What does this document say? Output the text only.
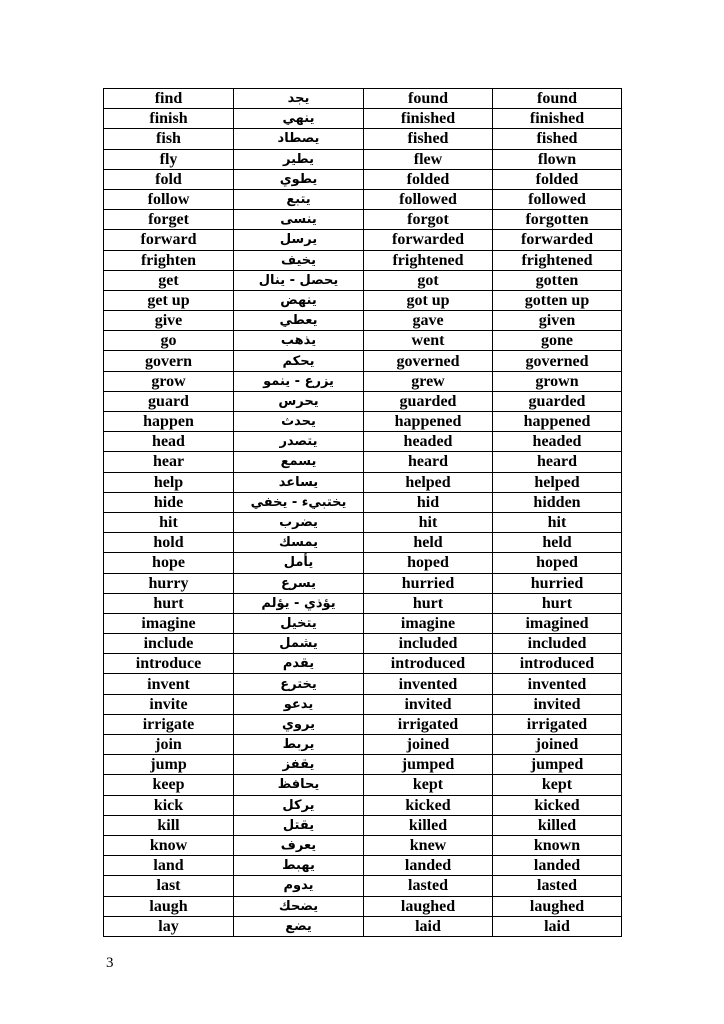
find	يجد	found	found
finish	ينهي	finished	finished
fish	يصطاد	fished	fished
fly	يطير	flew	flown
fold	يطوي	folded	folded
follow	يتبع	followed	followed
forget	ينسى	forgot	forgotten
forward	يرسل	forwarded	forwarded
frighten	يخيف	frightened	frightened
get	يحصل - ينال	got	gotten
get up	ينهض	got up	gotten up
give	يعطي	gave	given
go	يذهب	went	gone
govern	يحكم	governed	governed
grow	يزرع - ينمو	grew	grown
guard	يحرس	guarded	guarded
happen	يحدث	happened	happened
head	يتصدر	headed	headed
hear	يسمع	heard	heard
help	يساعد	helped	helped
hide	يختبيء - يخفي	hid	hidden
hit	يضرب	hit	hit
hold	يمسك	held	held
hope	يأمل	hoped	hoped
hurry	يسرع	hurried	hurried
hurt	يؤذي - يؤلم	hurt	hurt
imagine	يتخيل	imagine	imagined
include	يشمل	included	included
introduce	يقدم	introduced	introduced
invent	يخترع	invented	invented
invite	يدعو	invited	invited
irrigate	يروي	irrigated	irrigated
join	يربط	joined	joined
jump	يقفز	jumped	jumped
keep	يحافظ	kept	kept
kick	يركل	kicked	kicked
kill	يقتل	killed	killed
know	يعرف	knew	known
land	يهبط	landed	landed
last	يدوم	lasted	lasted
laugh	يضحك	laughed	laughed
lay	يضع	laid	laid
3
